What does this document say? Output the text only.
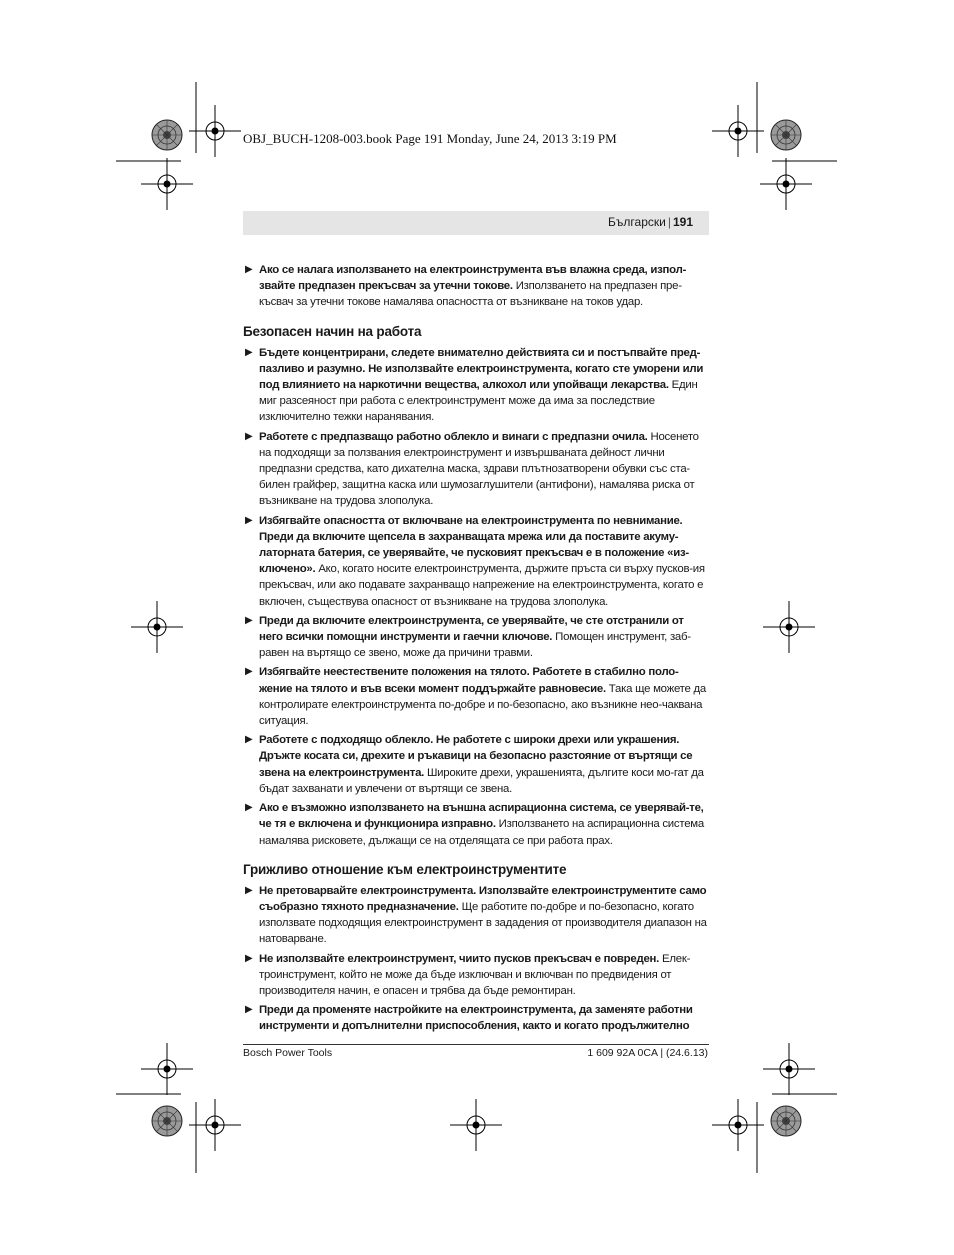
OBJ_BUCH-1208-003.book Page 191 Monday, June 24, 2013 3:19 PM
Български | 191
▶ Ако се налага използването на електроинструмента във влажна среда, изпол-звайте предпазен прекъсвач за утечни токове. Използването на предпазен пре-късвач за утечни токове намалява опасността от възникване на токов удар.
Безопасен начин на работа
▶ Бъдете концентрирани, следете внимателно действията си и постъпвайте пред-пазливо и разумно. Не използвайте електроинструмента, когато сте уморени или под влиянието на наркотични вещества, алкохол или упойващи лекарства. Един миг разсеяност при работа с електроинструмент може да има за последствие изключително тежки наранявания.
▶ Работете с предпазващо работно облекло и винаги с предпазни очила. Носенето на подходящи за ползвания електроинструмент и извършваната дейност лични предпазни средства, като дихателна маска, здрави плътнозатворени обувки със ста-билен грайфер, защитна каска или шумозаглушители (антифони), намалява риска от възникване на трудова злополука.
▶ Избягвайте опасността от включване на електроинструмента по невнимание. Преди да включите щепсела в захранващата мрежа или да поставите акуму-латорната батерия, се уверявайте, че пусковият прекъсвач е в положение «из-ключено». Ако, когато носите електроинструмента, държите пръста си върху пусков-ия прекъсвач, или ако подавате захранващо напрежение на електроинструмента, когато е включен, съществува опасност от възникване на трудова злополука.
▶ Преди да включите електроинструмента, се уверявайте, че сте отстранили от него всички помощни инструменти и гаечни ключове. Помощен инструмент, заб-равен на въртящо се звено, може да причини травми.
▶ Избягвайте неестествените положения на тялото. Работете в стабилно поло-жение на тялото и във всеки момент поддържайте равновесие. Така ще можете да контролирате електроинструмента по-добре и по-безопасно, ако възникне нео-чаквана ситуация.
▶ Работете с подходящо облекло. Не работете с широки дрехи или украшения. Дръжте косата си, дрехите и ръкавици на безопасно разстояние от въртящи се звена на електроинструмента. Широките дрехи, украшенията, дългите коси мо-гат да бъдат захванати и увлечени от въртящи се звена.
▶ Ако е възможно използването на външна аспирационна система, се уверявай-те, че тя е включена и функционира изправно. Използването на аспирационна система намалява рисковете, дължащи се на отделящата се при работа прах.
Грижливо отношение към електроинструментите
▶ Не претоварвайте електроинструмента. Използвайте електроинструментите само съобразно тяхното предназначение. Ще работите по-добре и по-безопасно, когато използвате подходящия електроинструмент в зададения от производителя диапазон на натоварване.
▶ Не използвайте електроинструмент, чиито пусков прекъсвач е повреден. Елек-троинструмент, който не може да бъде изключван и включван по предвидения от производителя начин, е опасен и трябва да бъде ремонтиран.
▶ Преди да променяте настройките на електроинструмента, да заменяте работни инструменти и допълнителни приспособления, както и когато продължително
Bosch Power Tools	1 609 92A 0CA | (24.6.13)
